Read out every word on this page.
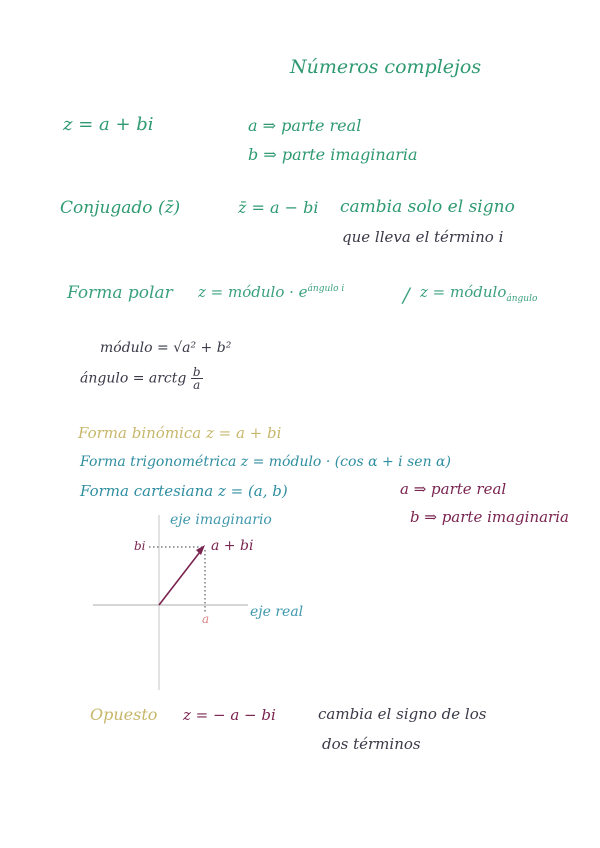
Números complejos
z = a + bi	a ⇒ parte real
b ⇒ parte imaginaria
Conjugado (z̄)	z̄ = a − bi cambia solo el signo
que lleva el término i
Forma polar z = módulo · $e^{ángulo i}$	/ z = módulo$_{ángulo}$
módulo = √a² + b²
ángulo = arctg $\frac{b}{a}$
Forma binómica z = a + bi
Forma trigonométrica z = módulo · (cos α + i sen α)
Forma cartesiana z = (a, b)	a ⇒ parte real
b ⇒ parte imaginaria
eje imaginario
bi	a + bi
eje real
a
Opuesto z = − a − bi	cambia el signo de los
dos términos
